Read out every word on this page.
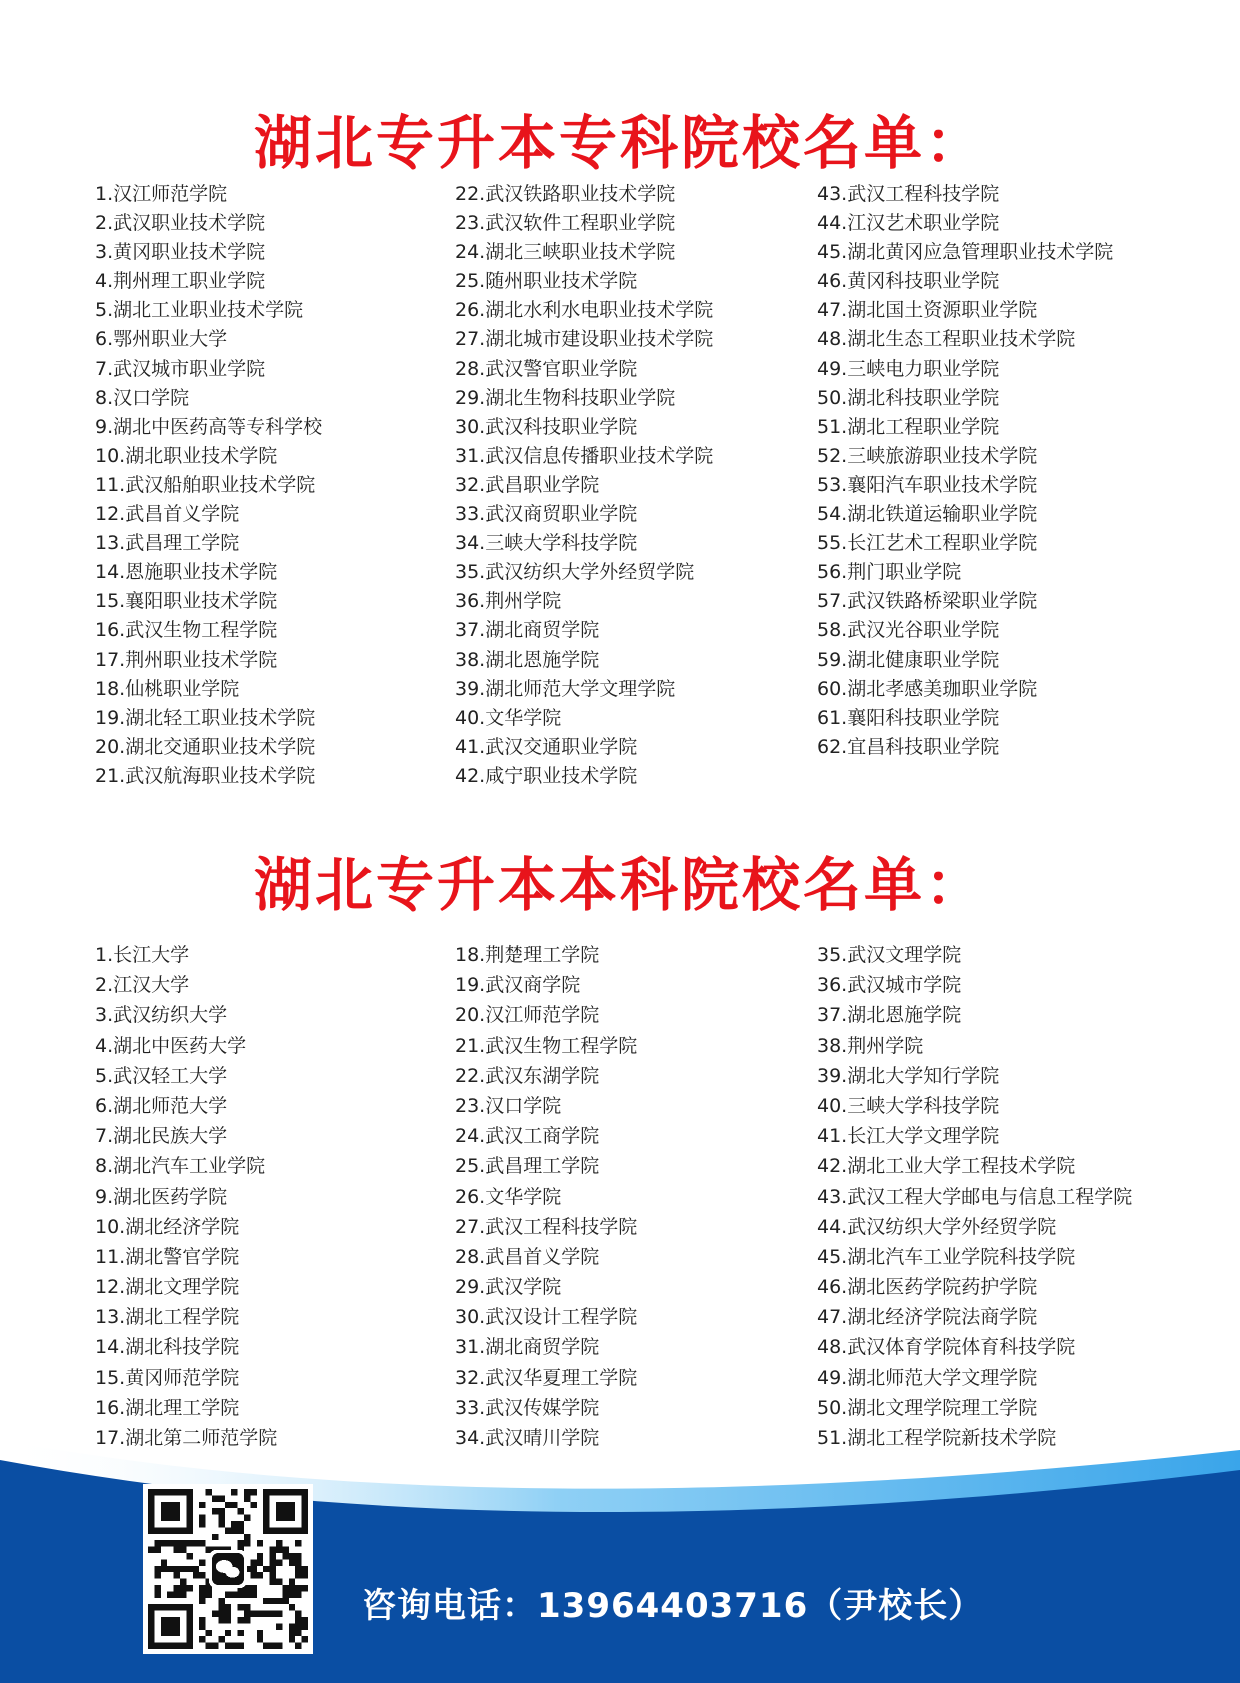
湖北专升本专科院校名单：
1.汉江师范学院
2.武汉职业技术学院
3.黄冈职业技术学院
4.荆州理工职业学院
5.湖北工业职业技术学院
6.鄂州职业大学
7.武汉城市职业学院
8.汉口学院
9.湖北中医药高等专科学校
10.湖北职业技术学院
11.武汉船舶职业技术学院
12.武昌首义学院
13.武昌理工学院
14.恩施职业技术学院
15.襄阳职业技术学院
16.武汉生物工程学院
17.荆州职业技术学院
18.仙桃职业学院
19.湖北轻工职业技术学院
20.湖北交通职业技术学院
21.武汉航海职业技术学院
22.武汉铁路职业技术学院
23.武汉软件工程职业学院
24.湖北三峡职业技术学院
25.随州职业技术学院
26.湖北水利水电职业技术学院
27.湖北城市建设职业技术学院
28.武汉警官职业学院
29.湖北生物科技职业学院
30.武汉科技职业学院
31.武汉信息传播职业技术学院
32.武昌职业学院
33.武汉商贸职业学院
34.三峡大学科技学院
35.武汉纺织大学外经贸学院
36.荆州学院
37.湖北商贸学院
38.湖北恩施学院
39.湖北师范大学文理学院
40.文华学院
41.武汉交通职业学院
42.咸宁职业技术学院
43.武汉工程科技学院
44.江汉艺术职业学院
45.湖北黄冈应急管理职业技术学院
46.黄冈科技职业学院
47.湖北国土资源职业学院
48.湖北生态工程职业技术学院
49.三峡电力职业学院
50.湖北科技职业学院
51.湖北工程职业学院
52.三峡旅游职业技术学院
53.襄阳汽车职业技术学院
54.湖北铁道运输职业学院
55.长江艺术工程职业学院
56.荆门职业学院
57.武汉铁路桥梁职业学院
58.武汉光谷职业学院
59.湖北健康职业学院
60.湖北孝感美珈职业学院
61.襄阳科技职业学院
62.宜昌科技职业学院
湖北专升本本科院校名单：
1.长江大学
2.江汉大学
3.武汉纺织大学
4.湖北中医药大学
5.武汉轻工大学
6.湖北师范大学
7.湖北民族大学
8.湖北汽车工业学院
9.湖北医药学院
10.湖北经济学院
11.湖北警官学院
12.湖北文理学院
13.湖北工程学院
14.湖北科技学院
15.黄冈师范学院
16.湖北理工学院
17.湖北第二师范学院
18.荆楚理工学院
19.武汉商学院
20.汉江师范学院
21.武汉生物工程学院
22.武汉东湖学院
23.汉口学院
24.武汉工商学院
25.武昌理工学院
26.文华学院
27.武汉工程科技学院
28.武昌首义学院
29.武汉学院
30.武汉设计工程学院
31.湖北商贸学院
32.武汉华夏理工学院
33.武汉传媒学院
34.武汉晴川学院
35.武汉文理学院
36.武汉城市学院
37.湖北恩施学院
38.荆州学院
39.湖北大学知行学院
40.三峡大学科技学院
41.长江大学文理学院
42.湖北工业大学工程技术学院
43.武汉工程大学邮电与信息工程学院
44.武汉纺织大学外经贸学院
45.湖北汽车工业学院科技学院
46.湖北医药学院药护学院
47.湖北经济学院法商学院
48.武汉体育学院体育科技学院
49.湖北师范大学文理学院
50.湖北文理学院理工学院
51.湖北工程学院新技术学院
咨询电话：13964403716（尹校长）
